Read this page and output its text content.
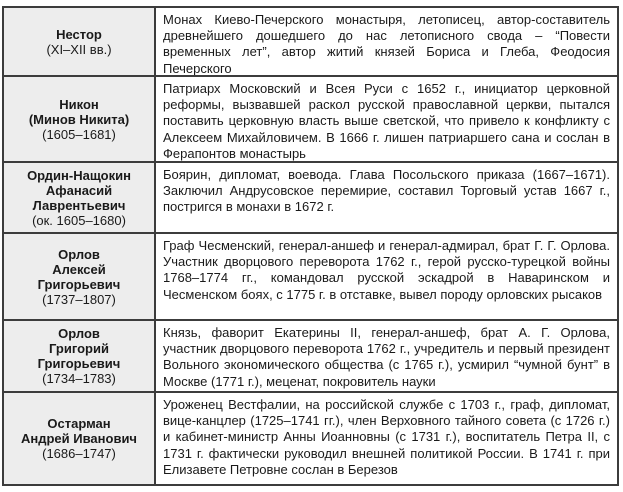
Нестор
(XI–XII вв.)
Монах Киево-Печерского монастыря, летописец, автор-составитель древнейшего дошедшего до нас летописного свода – “Повести временных лет”, автор житий князей Бориса и Глеба, Феодосия Печерского
Никон
(Минов Никита)
(1605–1681)
Патриарх Московский и Всея Руси с 1652 г., инициатор церковной реформы, вызвавшей раскол русской православной церкви, пытался поставить церковную власть выше светской, что привело к конфликту с Алексеем Михайловичем. В 1666 г. лишен патриаршего сана и сослан в Ферапонтов монастырь
Ордин-Нащокин
Афанасий
Лаврентьевич
(ок. 1605–1680)
Боярин, дипломат, воевода. Глава Посольского приказа (1667–1671). Заключил Андрусовское перемирие, составил Торговый устав 1667 г., постригся в монахи в 1672 г.
Орлов
Алексей
Григорьевич
(1737–1807)
Граф Чесменский, генерал-аншеф и генерал-адмирал, брат Г. Г. Орлова. Участник дворцового переворота 1762 г., герой русско-турецкой войны 1768–1774 гг., командовал русской эскадрой в Наваринском и Чесменском боях, с 1775 г. в отставке, вывел породу орловских рысаков
Орлов
Григорий
Григорьевич
(1734–1783)
Князь, фаворит Екатерины II, генерал-аншеф, брат А. Г. Орлова, участник дворцового переворота 1762 г., учредитель и первый президент Вольного экономического общества (с 1765 г.), усмирил “чумной бунт” в Москве (1771 г.), меценат, покровитель науки
Остарман
Андрей Иванович
(1686–1747)
Уроженец Вестфалии, на российской службе с 1703 г., граф, дипломат, вице-канцлер (1725–1741 гг.), член Верховного тайного совета (с 1726 г.) и кабинет-министр Анны Иоанновны (с 1731 г.), воспитатель Петра II, с 1731 г. фактически руководил внешней политикой России. В 1741 г. при Елизавете Петровне сослан в Березов
